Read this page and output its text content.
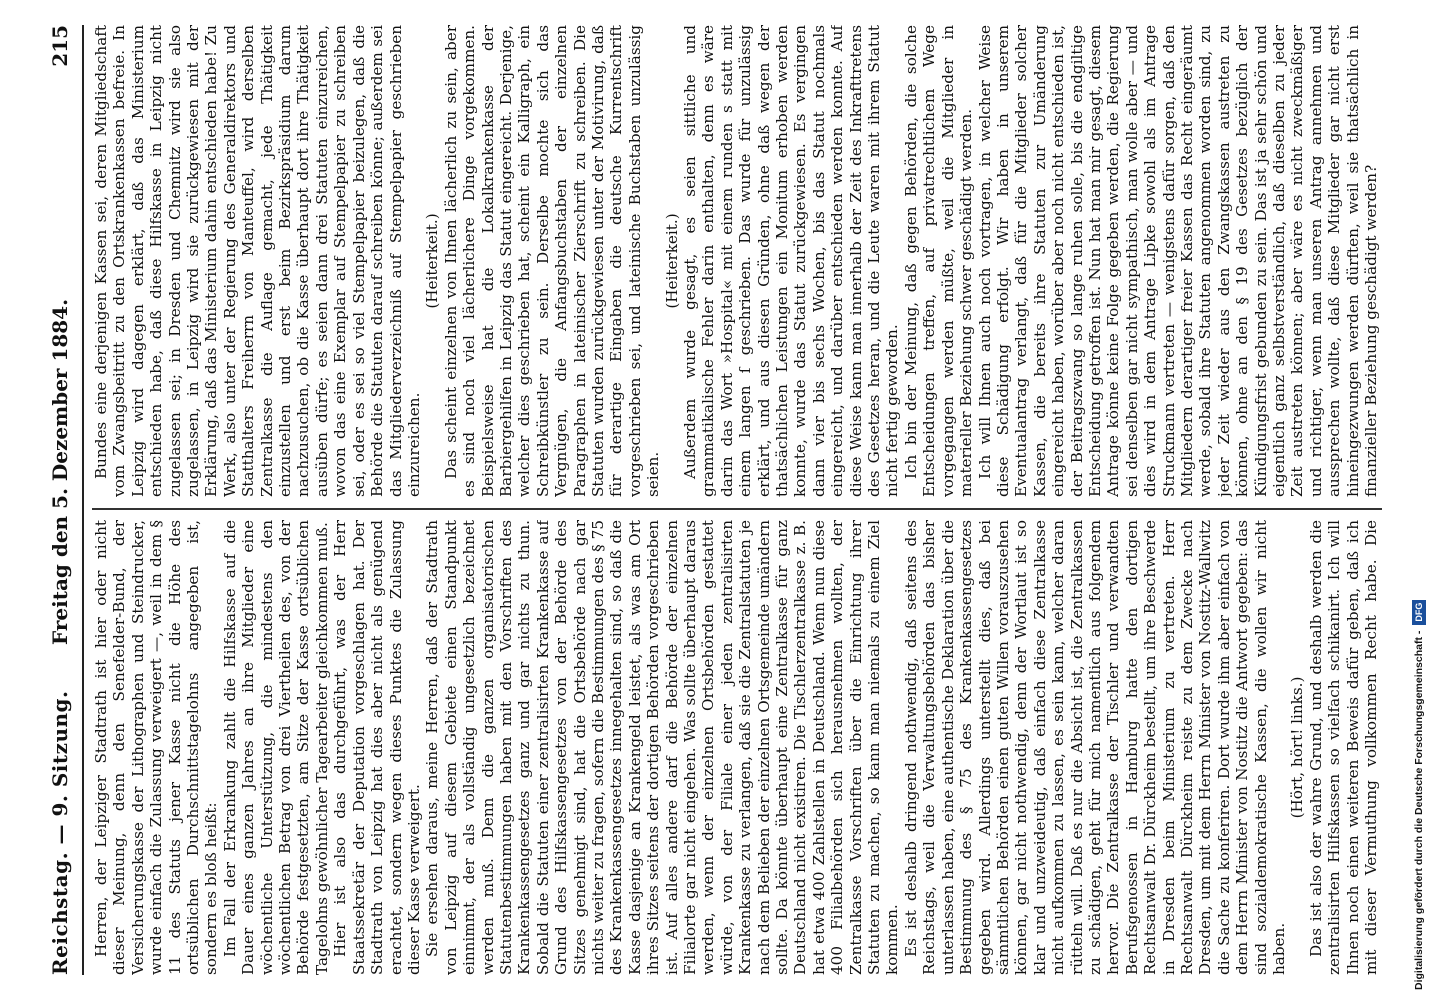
Reichstag. — 9. Sitzung.
Freitag den 5. Dezember 1884.
215

Herren, der Leipziger Stadtrath ist hier oder nicht dieser Meinung, denn den Senefelder-Bund, der Versicherungskasse der Lithographen und Steindrucker, wurde einfach die Zulassung verweigert —, weil in dem § 11 des Statuts jener Kasse nicht die Höhe des ortsüblichen Durchschnittstagelohns angegeben ist, sondern es bloß heißt: Im Fall der Erkrankung zahlt die Hilfskasse auf die Dauer eines ganzen Jahres an ihre Mitglieder eine wöchentliche Unterstützung, die mindestens den wöchentlichen Betrag von drei Viertheilen des, von der Behörde festgesetzten, am Sitze der Kasse ortsüblichen Tagelohns gewöhnlicher Tagearbeiter gleichkommen muß. Hier ist also das durchgeführt, was der Herr Staatssekretär der Deputation vorgeschlagen hat. Der Stadtrath von Leipzig hat dies aber nicht als genügend erachtet, sondern wegen dieses Punktes die Zulassung dieser Kasse verweigert. Sie ersehen daraus, meine Herren, daß der Stadtrath von Leipzig auf diesem Gebiete einen Standpunkt einnimmt, der als vollständig ungesetzlich bezeichnet werden muß. Denn die ganzen organisatorischen Statutenbestimmungen haben mit den Vorschriften des Krankenkassengesetzes ganz und gar nichts zu thun. Sobald die Statuten einer zentralisirten Krankenkasse auf Grund des Hilfskassengesetzes von der Behörde des Sitzes genehmigt sind, hat die Ortsbehörde nach gar nichts weiter zu fragen, sofern die Bestimmungen des § 75 des Krankenkassengesetzes innegehalten sind, so daß die Kasse dasjenige an Krankengeld leistet, als was am Ort ihres Sitzes seitens der dortigen Behörden vorgeschrieben ist. Auf alles andere darf die Behörde der einzelnen Filialorte gar nicht eingehen. Was sollte überhaupt daraus werden, wenn der einzelnen Ortsbehörden gestattet würde, von der Filiale einer jeden zentralisirten Krankenkasse zu verlangen, daß sie die Zentralstatuten je nach dem Belieben der einzelnen Ortsgemeinde umändern sollte. Da könnte überhaupt eine Zentralkasse für ganz Deutschland nicht existiren. Die Tischlerzentralkasse z. B. hat etwa 400 Zahlstellen in Deutschland. Wenn nun diese 400 Filialbehörden sich herausnehmen wollten, der Zentralkasse Vorschriften über die Einrichtung ihrer Statuten zu machen, so kann man niemals zu einem Ziel kommen. Es ist deshalb dringend nothwendig, daß seitens des Reichstags, weil die Verwaltungsbehörden das bisher unterlassen haben, eine authentische Deklaration über die Bestimmung des § 75 des Krankenkassengesetzes gegeben wird. Allerdings unterstellt dies, daß bei sämmtlichen Behörden einen guten Willen vorauszusehen können, gar nicht nothwendig, denn der Wortlaut ist so klar und unzweideutig, daß einfach diese Zentralkasse nicht aufkommen zu lassen, es sein kann, welcher daran rütteln will. Daß es nur die Absicht ist, die Zentralkassen zu schädigen, geht für mich namentlich aus folgendem hervor. Die Zentralkasse der Tischler und verwandten Berufsgenossen in Hamburg hatte den dortigen Rechtsanwalt Dr. Dürckheim bestellt, um ihre Beschwerde in Dresden beim Ministerium zu vertreten. Herr Rechtsanwalt Dürckheim reiste zu dem Zwecke nach Dresden, um mit dem Herrn Minister von Nostitz-Wallwitz die Sache zu konferiren. Dort wurde ihm aber einfach von dem Herrn Minister von Nostitz die Antwort gegeben: das sind sozialdemokratische Kassen, die wollen wir nicht haben.

(Hört, hört! links.)

Das ist also der wahre Grund, und deshalb werden die zentralisirten Hilfskassen so vielfach schikanirt. Ich will Ihnen noch einen weiteren Beweis dafür geben, daß ich mit dieser Vermuthung vollkommen Recht habe. Die

Bundes eine derjenigen Kassen sei, deren Mitgliedschaft vom Zwangsbeitritt zu den Ortskrankenkassen befreie. In Leipzig wird dagegen erklärt, daß das Ministerium entschieden habe, daß diese Hilfskasse in Leipzig nicht zugelassen sei; in Dresden und Chemnitz wird sie also zugelassen, in Leipzig wird sie zurückgewiesen mit der Erklärung, daß das Ministerium dahin entschieden habe! Zu Werk, also unter der Regierung des Generaldirektors und Statthalters Freiherrn von Manteuffel, wird derselben Zentralkasse die Auflage gemacht, jede Thätigkeit einzustellen und erst beim Bezirkspräsidium darum nachzusuchen, ob die Kasse überhaupt dort ihre Thätigkeit ausüben dürfe; es seien dann drei Statuten einzureichen, wovon das eine Exemplar auf Stempelpapier zu schreiben sei, oder es sei so viel Stempelpapier beizulegen, daß die Behörde die Statuten darauf schreiben könne; außerdem sei das Mitgliederverzeichniß auf Stempelpapier geschrieben einzureichen.

(Heiterkeit.) Das scheint einzelnen von Ihnen lächerlich zu sein, aber es sind noch viel lächerlichere Dinge vorgekommen. Beispielsweise hat die Lokalkrankenkasse der Barbiergehilfen in Leipzig das Statut eingereicht. Derjenige, welcher dies geschrieben hat, scheint ein Kalligraph, ein Schreibkünstler zu sein. Derselbe mochte sich das Vergnügen, die Anfangsbuchstaben der einzelnen Paragraphen in lateinischer Zierschrift zu schreiben. Die Statuten wurden zurückgewiesen unter der Motivirung, daß für derartige Eingaben die deutsche Kurrentschrift vorgeschrieben sei, und lateinische Buchstaben unzulässig seien.

(Heiterkeit.) Außerdem wurde gesagt, es seien sittliche und grammatikalische Fehler darin enthalten, denn es wäre darin das Wort »Hospital« mit einem runden s statt mit einem langen ſ geschrieben. Das wurde für unzulässig erklärt, und aus diesen Gründen, ohne daß wegen der thatsächlichen Leistungen ein Monitum erhoben werden konnte, wurde das Statut zurückgewiesen. Es vergingen dann vier bis sechs Wochen, bis das Statut nochmals eingereicht, und darüber entschieden werden konnte. Auf diese Weise kann man innerhalb der Zeit des Inkrafttretens des Gesetzes heran, und die Leute waren mit ihrem Statut nicht fertig geworden. Ich bin der Meinung, daß gegen Behörden, die solche Entscheidungen treffen, auf privatrechtlichem Wege vorgegangen werden müßte, weil die Mitglieder in materieller Beziehung schwer geschädigt werden. Ich will Ihnen auch noch vortragen, in welcher Weise diese Schädigung erfolgt. Wir haben in unserem Eventualantrag verlangt, daß für die Mitglieder solcher Kassen, die bereits ihre Statuten zur Umänderung eingereicht haben, worüber aber noch nicht entschieden ist, der Beitragszwang so lange ruhen solle, bis die endgiltige Entscheidung getroffen ist. Nun hat man mir gesagt, diesem Antrage könne keine Folge gegeben werden, die Regierung sei denselben gar nicht sympathisch, man wolle aber — und dies wird in dem Antrage Lipke sowohl als im Antrage Struckmann vertreten — wenigstens dafür sorgen, daß den Mitgliedern derartiger freier Kassen das Recht eingeräumt werde, sobald ihre Statuten angenommen worden sind, zu jeder Zeit wieder aus den Zwangskassen austreten zu können, ohne an den § 19 des Gesetzes bezüglich der Kündigungsfrist gebunden zu sein. Das ist ja sehr schön und eigentlich ganz selbstverständlich, daß dieselben zu jeder Zeit austreten können; aber wäre es nicht zweckmäßiger und richtiger, wenn man unseren Antrag annehmen und aussprechen wollte, daß diese Mitglieder gar nicht erst hineingezwungen werden dürften, weil sie thatsächlich in finanzieller Beziehung geschädigt werden?

Digitalisierung gefördert durch die Deutsche Forschungsgemeinschaft -DFG
